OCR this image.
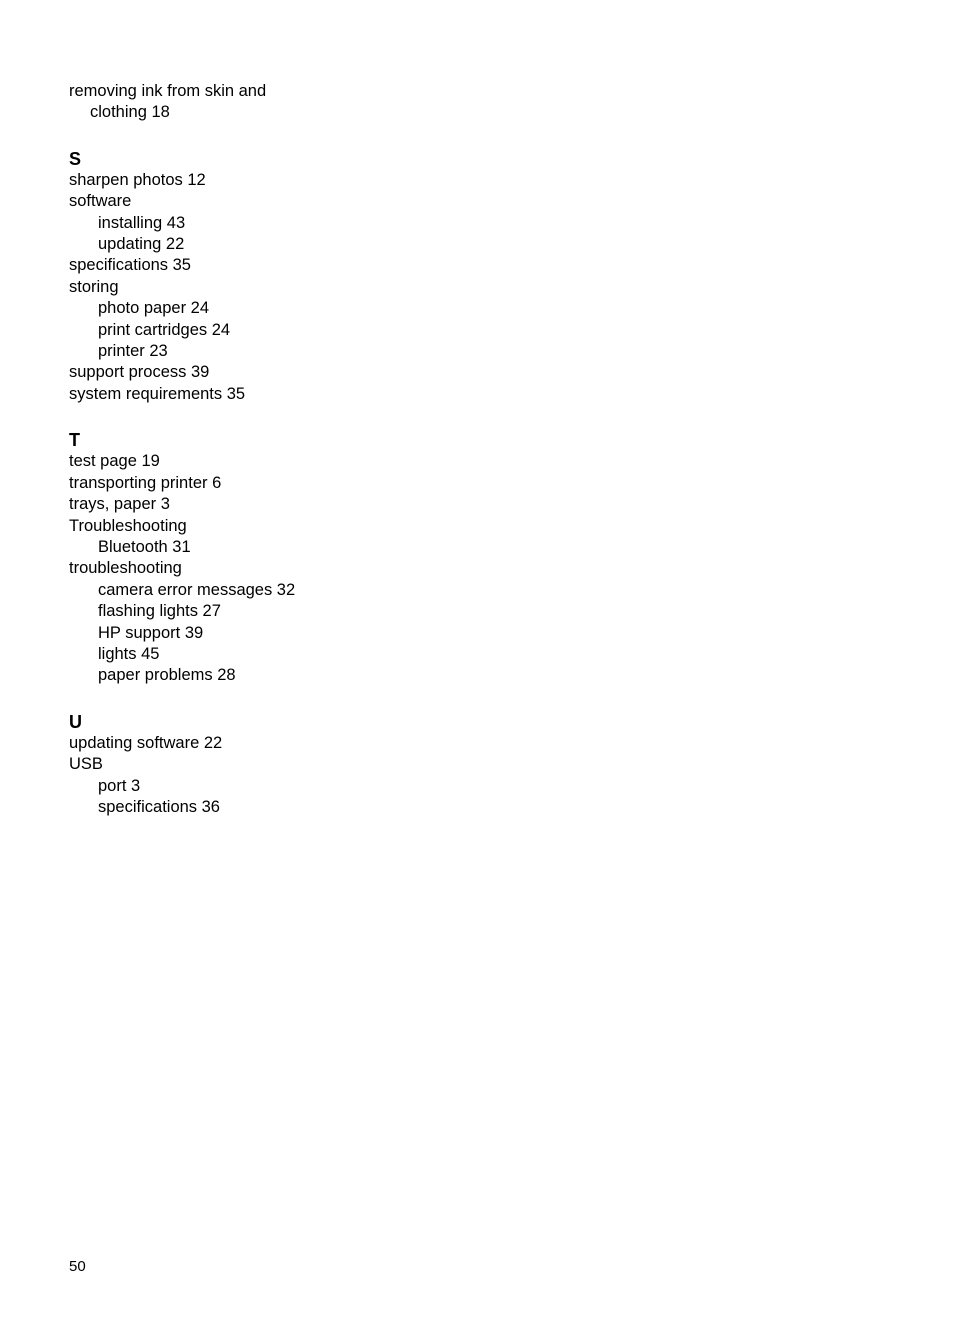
removing ink from skin and
clothing 18
S
sharpen photos 12
software
installing 43
updating 22
specifications 35
storing
photo paper 24
print cartridges 24
printer 23
support process 39
system requirements 35
T
test page 19
transporting printer 6
trays, paper 3
Troubleshooting
Bluetooth 31
troubleshooting
camera error messages 32
flashing lights 27
HP support 39
lights 45
paper problems 28
U
updating software 22
USB
port 3
specifications 36
50
